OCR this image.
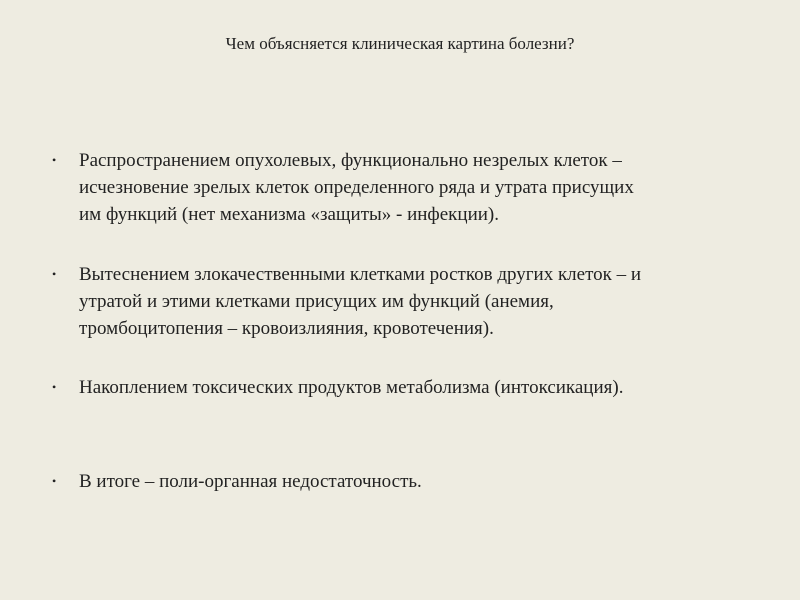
Чем объясняется клиническая картина болезни?
•	Распространением опухолевых, функционально незрелых клеток –
исчезновение зрелых клеток определенного ряда и утрата присущих
им функций (нет механизма «защиты» - инфекции).
•	Вытеснением злокачественными клетками ростков других клеток – и
утратой и этими клетками присущих им функций (анемия,
тромбоцитопения – кровоизлияния, кровотечения).
•	Накоплением токсических продуктов метаболизма (интоксикация).
•	В итоге – поли-органная недостаточность.
